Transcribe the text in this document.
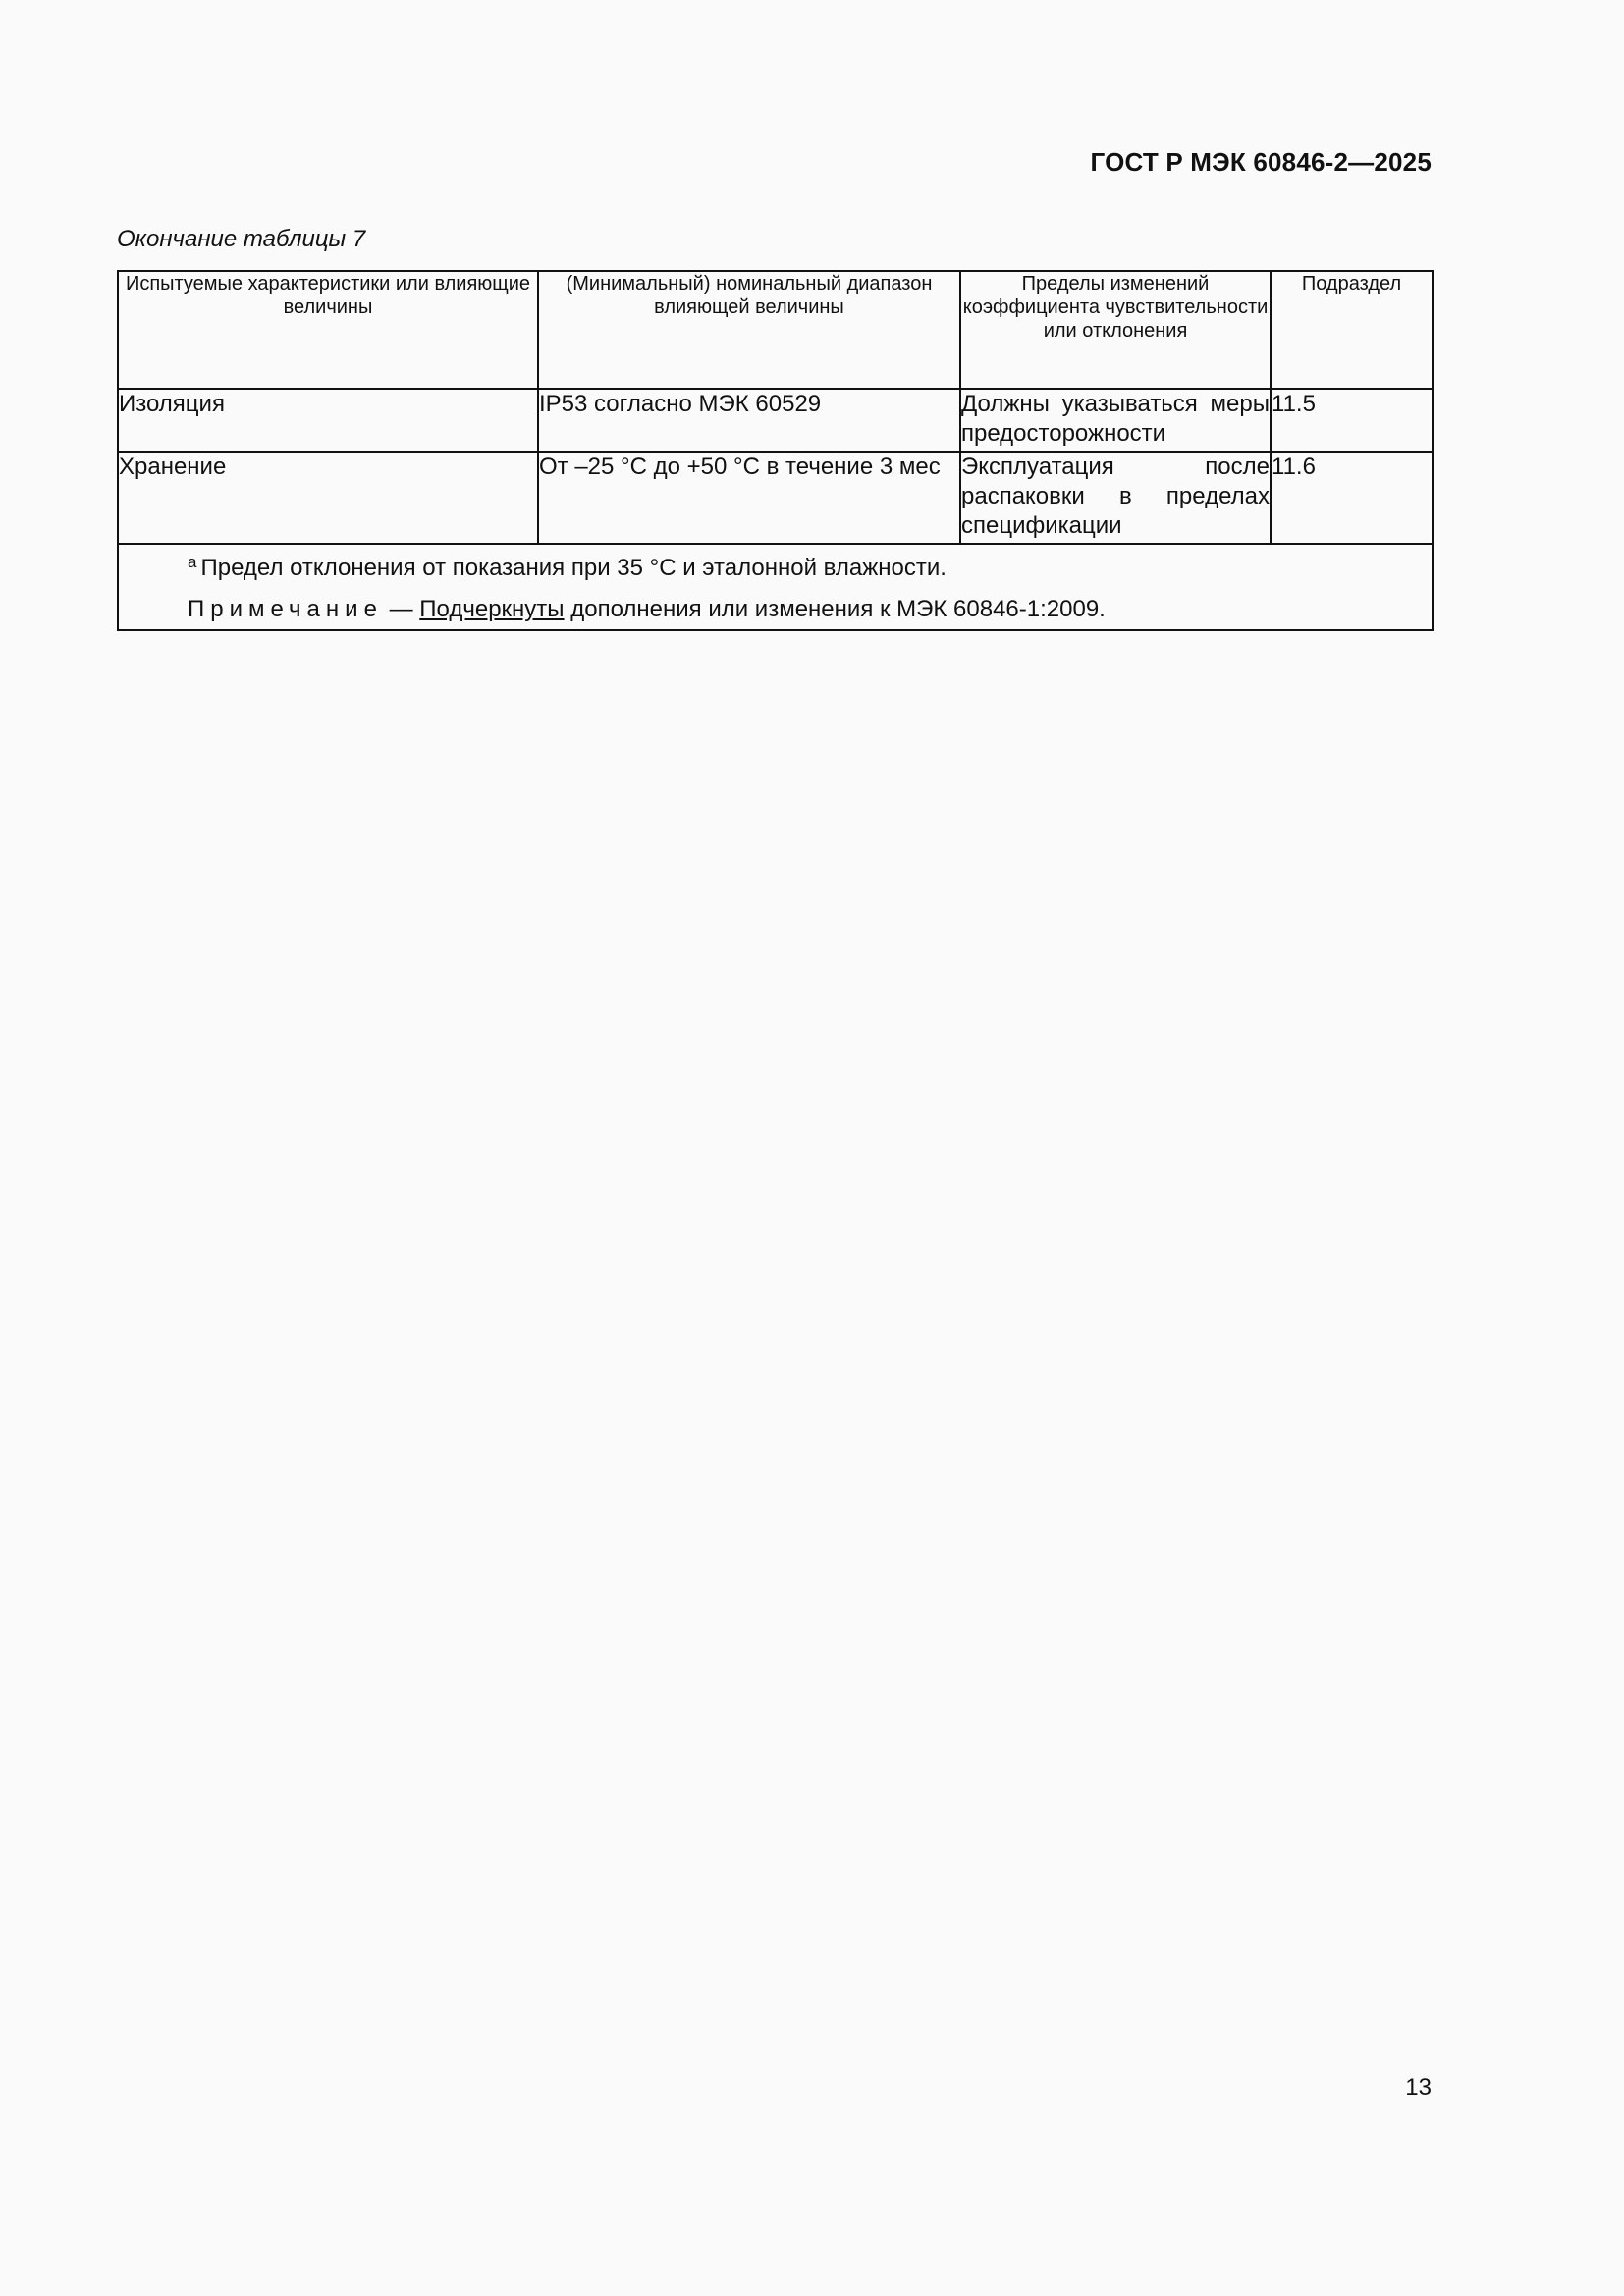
ГОСТ Р МЭК 60846-2—2025
Окончание таблицы 7
Испытуемые характеристики или влияющие величины	(Минимальный) номинальный диапазон влияющей величины	Пределы изменений коэффициента чувствительности или отклонения	Подраздел
Изоляция	IP53 согласно МЭК 60529	Должны указываться меры предосторожности	11.5
Хранение	От –25 °С до +50 °С в течение 3 мес	Эксплуатация после распаковки в пределах спецификации	11.6

$^а$ Предел отклонения от показания при 35 °С и эталонной влажности.
Примечание — Подчеркнуты дополнения или изменения к МЭК 60846-1:2009.			
13
